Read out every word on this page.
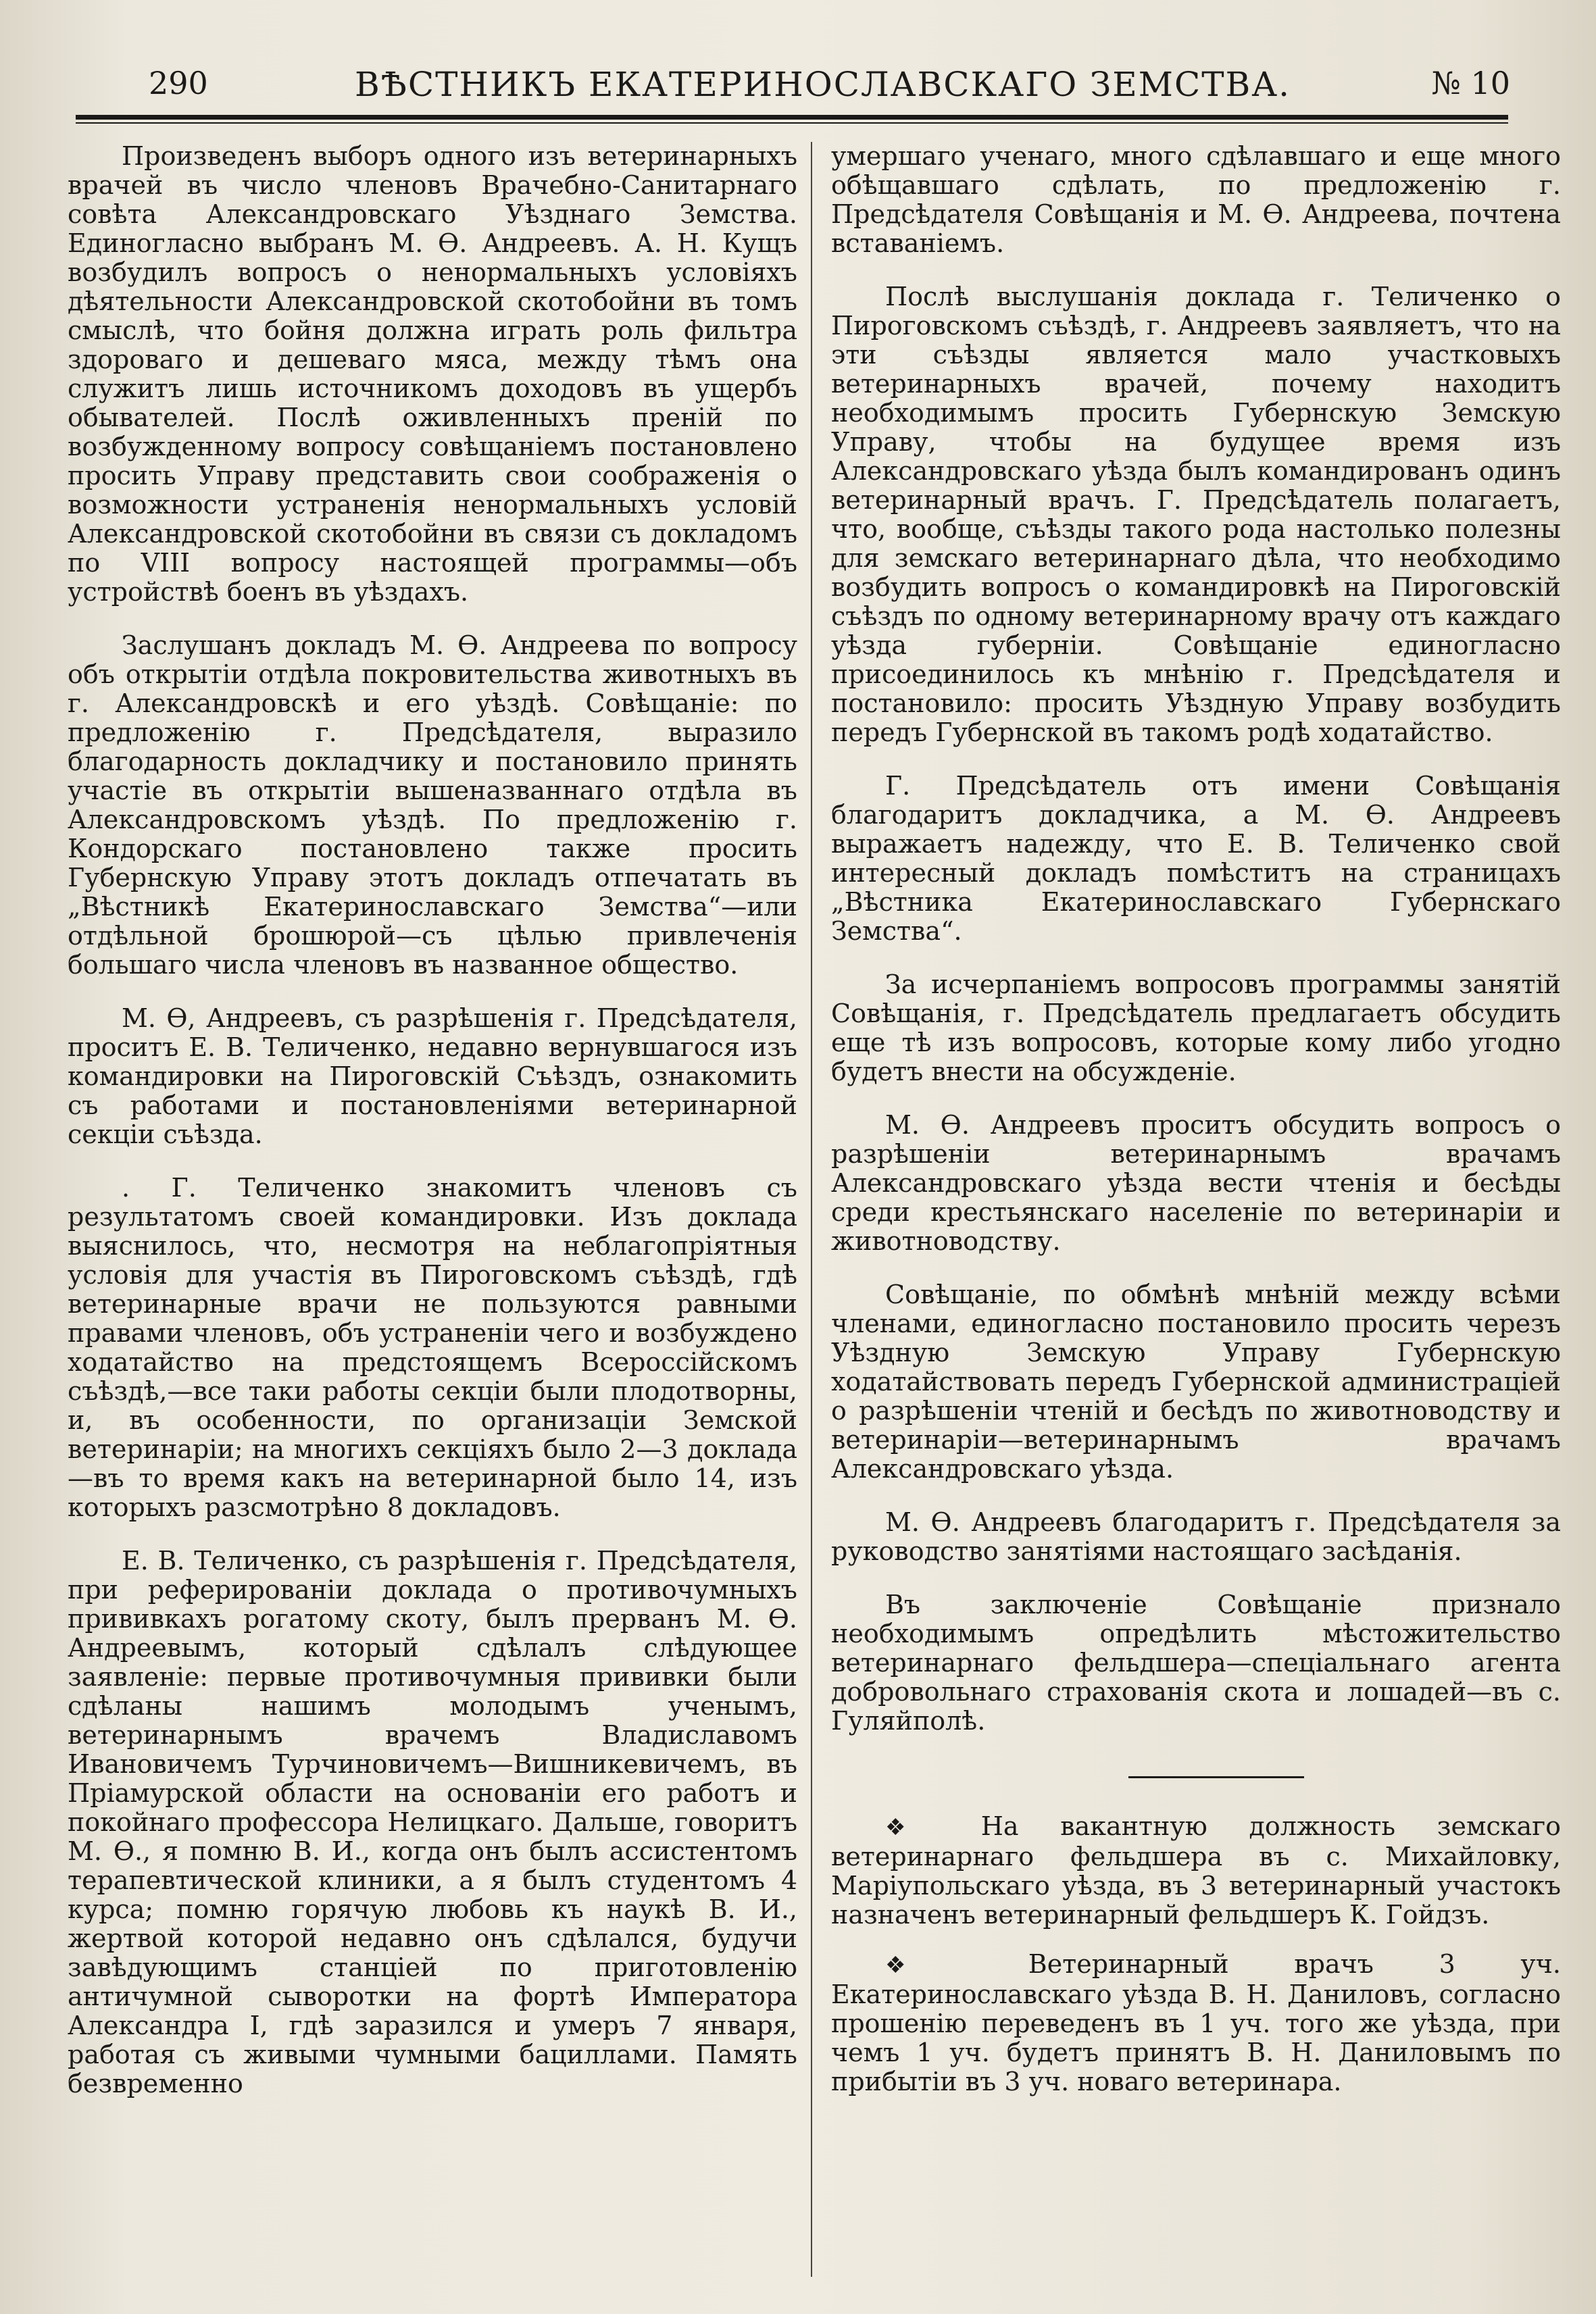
290	ВѢСТНИКЪ ЕКАТЕРИНОСЛАВСКАГО ЗЕМСТВА.	№ 10

Произведенъ выборъ одного изъ ветеринарныхъ врачей въ число членовъ Врачебно-Санитарнаго совѣта Александровскаго Уѣзднаго Земства. Единогласно выбранъ М. Ѳ. Андреевъ. А. Н. Кущъ возбудилъ вопросъ о ненормальныхъ условіяхъ дѣятельности Александровской скотобойни въ томъ смыслѣ, что бойня должна играть роль фильтра здороваго и дешеваго мяса, между тѣмъ она служитъ лишь источникомъ доходовъ въ ущербъ обывателей. Послѣ оживленныхъ преній по возбужденному вопросу совѣщаніемъ постановлено просить Управу представить свои соображенія о возможности устраненія ненормальныхъ условій Александровской скотобойни въ связи съ докладомъ по VIII вопросу настоящей программы—объ устройствѣ боенъ въ уѣздахъ.

Заслушанъ докладъ М. Ѳ. Андреева по вопросу объ открытіи отдѣла покровительства животныхъ въ г. Александровскѣ и его уѣздѣ. Совѣщаніе: по предложенію г. Предсѣдателя, выразило благодарность докладчику и постановило принять участіе въ открытіи вышеназваннаго отдѣла въ Александровскомъ уѣздѣ. По предложенію г. Кондорскаго постановлено также просить Губернскую Управу этотъ докладъ отпечатать въ „Вѣстникѣ Екатеринославскаго Земства“—или отдѣльной брошюрой—съ цѣлью привлеченія большаго числа членовъ въ названное общество.

М. Ѳ, Андреевъ, съ разрѣшенія г. Предсѣдателя, проситъ Е. В. Теличенко, недавно вернувшагося изъ командировки на Пироговскій Съѣздъ, ознакомить съ работами и постановленіями ветеринарной секціи съѣзда.

. Г. Теличенко знакомитъ членовъ съ результатомъ своей командировки. Изъ доклада выяснилось, что, несмотря на неблагопріятныя условія для участія въ Пироговскомъ съѣздѣ, гдѣ ветеринарные врачи не пользуются равными правами членовъ, объ устраненіи чего и возбуждено ходатайство на предстоящемъ Всероссійскомъ съѣздѣ,—все таки работы секціи были плодотворны, и, въ особенности, по организаціи Земской ветеринаріи; на многихъ секціяхъ было 2—3 доклада —въ то время какъ на ветеринарной было 14, изъ которыхъ разсмотрѣно 8 докладовъ.

Е. В. Теличенко, съ разрѣшенія г. Предсѣдателя, при реферированіи доклада о противочумныхъ прививкахъ рогатому скоту, былъ прерванъ М. Ѳ. Андреевымъ, который сдѣлалъ слѣдующее заявленіе: первые противочумныя прививки были сдѣланы нашимъ молодымъ ученымъ, ветеринарнымъ врачемъ Владиславомъ Ивановичемъ Турчиновичемъ—Вишникевичемъ, въ Пріамурской области на основаніи его работъ и покойнаго профессора Нелицкаго. Дальше, говоритъ М. Ѳ., я помню В. И., когда онъ былъ ассистентомъ терапевтической клиники, а я былъ студентомъ 4 курса; помню горячую любовь къ наукѣ В. И., жертвой которой недавно онъ сдѣлался, будучи завѣдующимъ станціей по приготовленію античумной сыворотки на фортѣ Императора Александра I, гдѣ заразился и умеръ 7 января, работая съ живыми чумными бациллами. Память безвременно

умершаго ученаго, много сдѣлавшаго и еще много обѣщавшаго сдѣлать, по предложенію г. Предсѣдателя Совѣщанія и М. Ѳ. Андреева, почтена вставаніемъ.

Послѣ выслушанія доклада г. Теличенко о Пироговскомъ съѣздѣ, г. Андреевъ заявляетъ, что на эти съѣзды является мало участковыхъ ветеринарныхъ врачей, почему находитъ необходимымъ просить Губернскую Земскую Управу, чтобы на будущее время изъ Александровскаго уѣзда былъ командированъ одинъ ветеринарный врачъ. Г. Предсѣдатель полагаетъ, что, вообще, съѣзды такого рода настолько полезны для земскаго ветеринарнаго дѣла, что необходимо возбудить вопросъ о командировкѣ на Пироговскій съѣздъ по одному ветеринарному врачу отъ каждаго уѣзда губерніи. Совѣщаніе единогласно присоединилось къ мнѣнію г. Предсѣдателя и постановило: просить Уѣздную Управу возбудить передъ Губернской въ такомъ родѣ ходатайство.

Г. Предсѣдатель отъ имени Совѣщанія благодаритъ докладчика, а М. Ѳ. Андреевъ выражаетъ надежду, что Е. В. Теличенко свой интересный докладъ помѣститъ на страницахъ „Вѣстника Екатеринославскаго Губернскаго Земства“.

За исчерпаніемъ вопросовъ программы занятій Совѣщанія, г. Предсѣдатель предлагаетъ обсудить еще тѣ изъ вопросовъ, которые кому либо угодно будетъ внести на обсужденіе.

М. Ѳ. Андреевъ проситъ обсудить вопросъ о разрѣшеніи ветеринарнымъ врачамъ Александровскаго уѣзда вести чтенія и бесѣды среди крестьянскаго населеніе по ветеринаріи и животноводству.

Совѣщаніе, по обмѣнѣ мнѣній между всѣми членами, единогласно постановило просить черезъ Уѣздную Земскую Управу Губернскую ходатайствовать передъ Губернской администраціей о разрѣшеніи чтеній и бесѣдъ по животноводству и ветеринаріи—ветеринарнымъ врачамъ Александровскаго уѣзда.

М. Ѳ. Андреевъ благодаритъ г. Предсѣдателя за руководство занятіями настоящаго засѣданія.

Въ заключеніе Совѣщаніе признало необходимымъ опредѣлить мѣстожительство ветеринарнаго фельдшера—спеціальнаго агента добровольнаго страхованія скота и лошадей—въ с. Гуляйполѣ.

❖ На вакантную должность земскаго ветеринарнаго фельдшера въ с. Михайловку, Маріупольскаго уѣзда, въ 3 ветеринарный участокъ назначенъ ветеринарный фельдшеръ К. Гойдзъ.

❖	Ветеринарный врачъ 3 уч. Екатеринославскаго уѣзда В. Н. Даниловъ, согласно прошенію переведенъ въ 1 уч. того же уѣзда, при чемъ 1 уч. будетъ принятъ В. Н. Даниловымъ по прибытіи въ 3 уч. новаго ветеринара.
